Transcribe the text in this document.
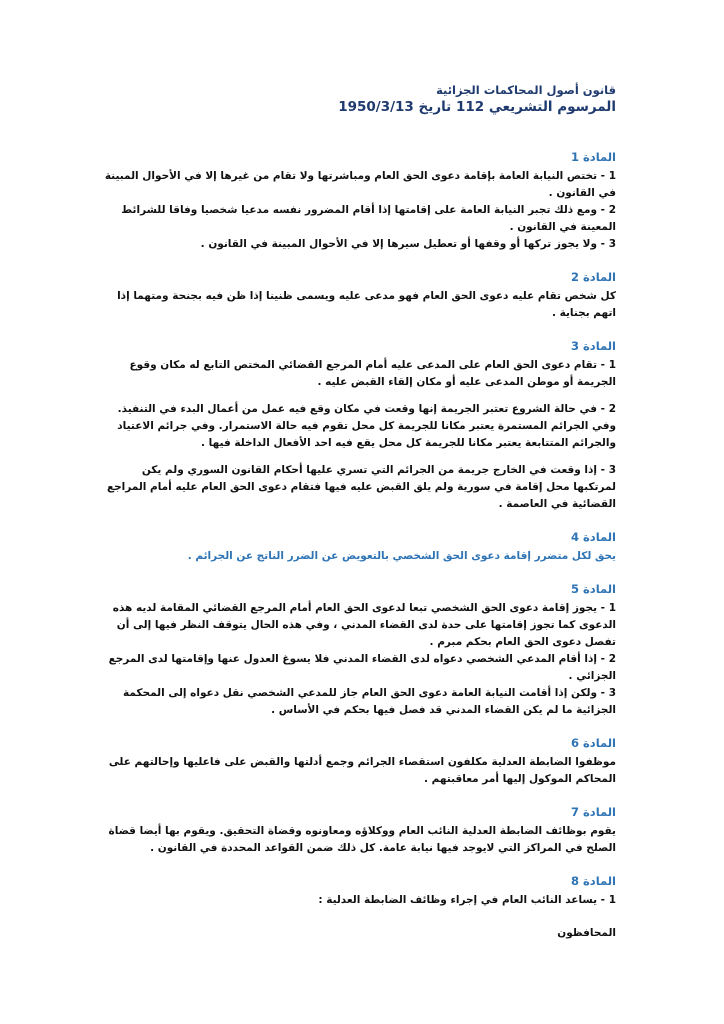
قانون أصول المحاكمات الجزائية
المرسوم التشريعي 112 تاريخ 1950/3/13
المادة 1

1 - تختص النيابة العامة بإقامة دعوى الحق العام ومباشرتها ولا تقام من غيرها إلا في الأحوال المبينة في القانون .

2 - ومع ذلك تجبر النيابة العامة على إقامتها إذا أقام المضرور نفسه مدعيا شخصيا وفاقا للشرائط المعينة في القانون .

3 - ولا يجوز تركها أو وقفها أو تعطيل سيرها إلا في الأحوال المبينة في القانون .

المادة 2

كل شخص تقام عليه دعوى الحق العام فهو مدعى عليه ويسمى ظنينا إذا ظن فيه بجنحة ومتهما إذا اتهم بجناية .

المادة 3

1 - تقام دعوى الحق العام على المدعى عليه أمام المرجع القضائي المختص التابع له مكان وقوع الجريمة أو موطن المدعى عليه أو مكان إلقاء القبض عليه .

2 - في حالة الشروع تعتبر الجريمة إنها وقعت في مكان وقع فيه عمل من أعمال البدء في التنفيذ. وفي الجرائم المستمرة يعتبر مكانا للجريمة كل محل تقوم فيه حالة الاستمرار. وفي جرائم الاعتياد والجرائم المتتابعة يعتبر مكانا للجريمة كل محل يقع فيه احد الأفعال الداخلة فيها .

3 - إذا وقعت في الخارج جريمة من الجرائم التي تسري عليها أحكام القانون السوري ولم يكن لمرتكبها محل إقامة في سورية ولم يلق القبض عليه فيها فتقام دعوى الحق العام عليه أمام المراجع القضائية في العاصمة .

المادة 4

يحق لكل متضرر إقامة دعوى الحق الشخصي بالتعويض عن الضرر الناتج عن الجرائم .

المادة 5

1 - يجوز إقامة دعوى الحق الشخصي تبعا لدعوى الحق العام أمام المرجع القضائي المقامة لديه هذه الدعوى كما تجوز إقامتها على حدة لدى القضاء المدني ، وفي هذه الحال يتوقف النظر فيها إلى أن تفصل دعوى الحق العام بحكم مبرم .

2 - إذا أقام المدعي الشخصي دعواه لدى القضاء المدني فلا يسوغ العدول عنها وإقامتها لدى المرجع الجزائي .

3 - ولكن إذا أقامت النيابة العامة دعوى الحق العام جاز للمدعي الشخصي نقل دعواه إلى المحكمة الجزائية ما لم يكن القضاء المدني قد فصل فيها بحكم في الأساس .

المادة 6

موظفوا الضابطة العدلية مكلفون استقصاء الجرائم وجمع أدلتها والقبض على فاعليها وإحالتهم على المحاكم الموكول إليها أمر معاقبتهم .

المادة 7

يقوم بوظائف الضابطة العدلية النائب العام ووكلاؤه ومعاونوه وقضاة التحقيق. ويقوم بها أيضا قضاة الصلح في المراكز التي لايوجد فيها نيابة عامة. كل ذلك ضمن القواعد المحددة في القانون .

المادة 8

1 - يساعد النائب العام في إجراء وظائف الضابطة العدلية :

المحافظون
